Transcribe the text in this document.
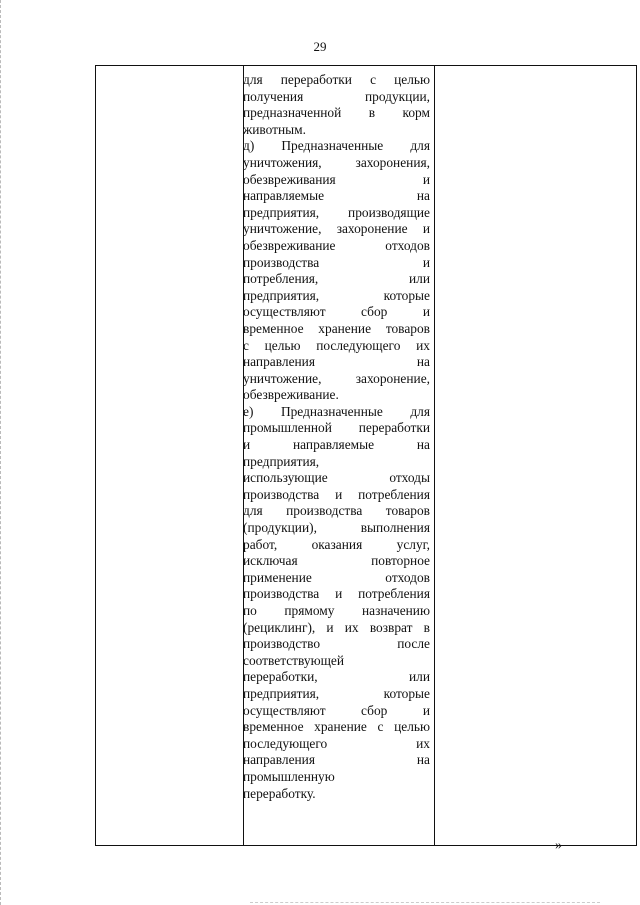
29
для переработки с целью
получения	продукции,
предназначенной в корм
животным.
д) Предназначенные для
уничтожения,	захоронения,
обезвреживания	и
направляемые	на
предприятия, производящие
уничтожение, захоронение и
обезвреживание	отходов
производства	и
потребления,	или
предприятия,	которые
осуществляют	сбор	и
временное хранение товаров
с целью последующего их
направления	на
уничтожение,	захоронение,
обезвреживание.
е) Предназначенные для
промышленной переработки
и	направляемые	на
предприятия,
использующие	отходы
производства и потребления
для производства товаров
(продукции),	выполнения
работ,	оказания	услуг,
исключая	повторное
применение	отходов
производства и потребления
по прямому назначению
(рециклинг), и их возврат в
производство	после
соответствующей
переработки,	или
предприятия,	которые
осуществляют	сбор	и
временное хранение с целью
последующего	их
направления	на
промышленную
переработку.
»
